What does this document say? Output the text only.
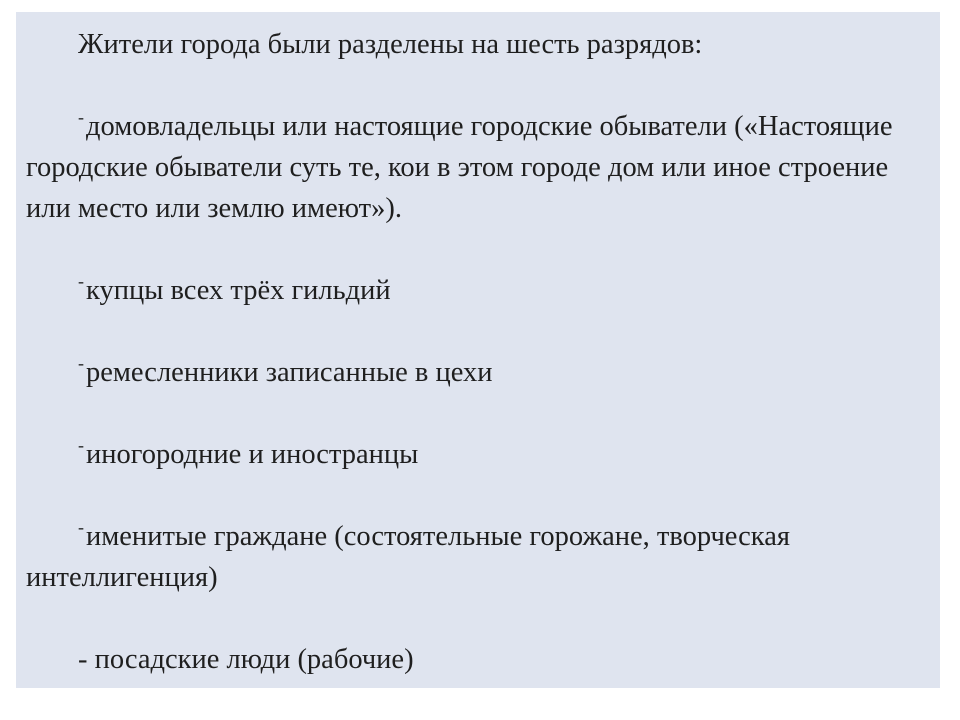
Жители города были разделены на шесть разрядов:

-домовладельцы или настоящие городские обыватели («Настоящие городские обыватели суть те, кои в этом городе дом или иное строение или место или землю имеют»).

-купцы всех трёх гильдий

-ремесленники записанные в цехи

-иногородние и иностранцы

-именитые граждане (состоятельные горожане, творческая интеллигенция)

- посадские люди (рабочие)
